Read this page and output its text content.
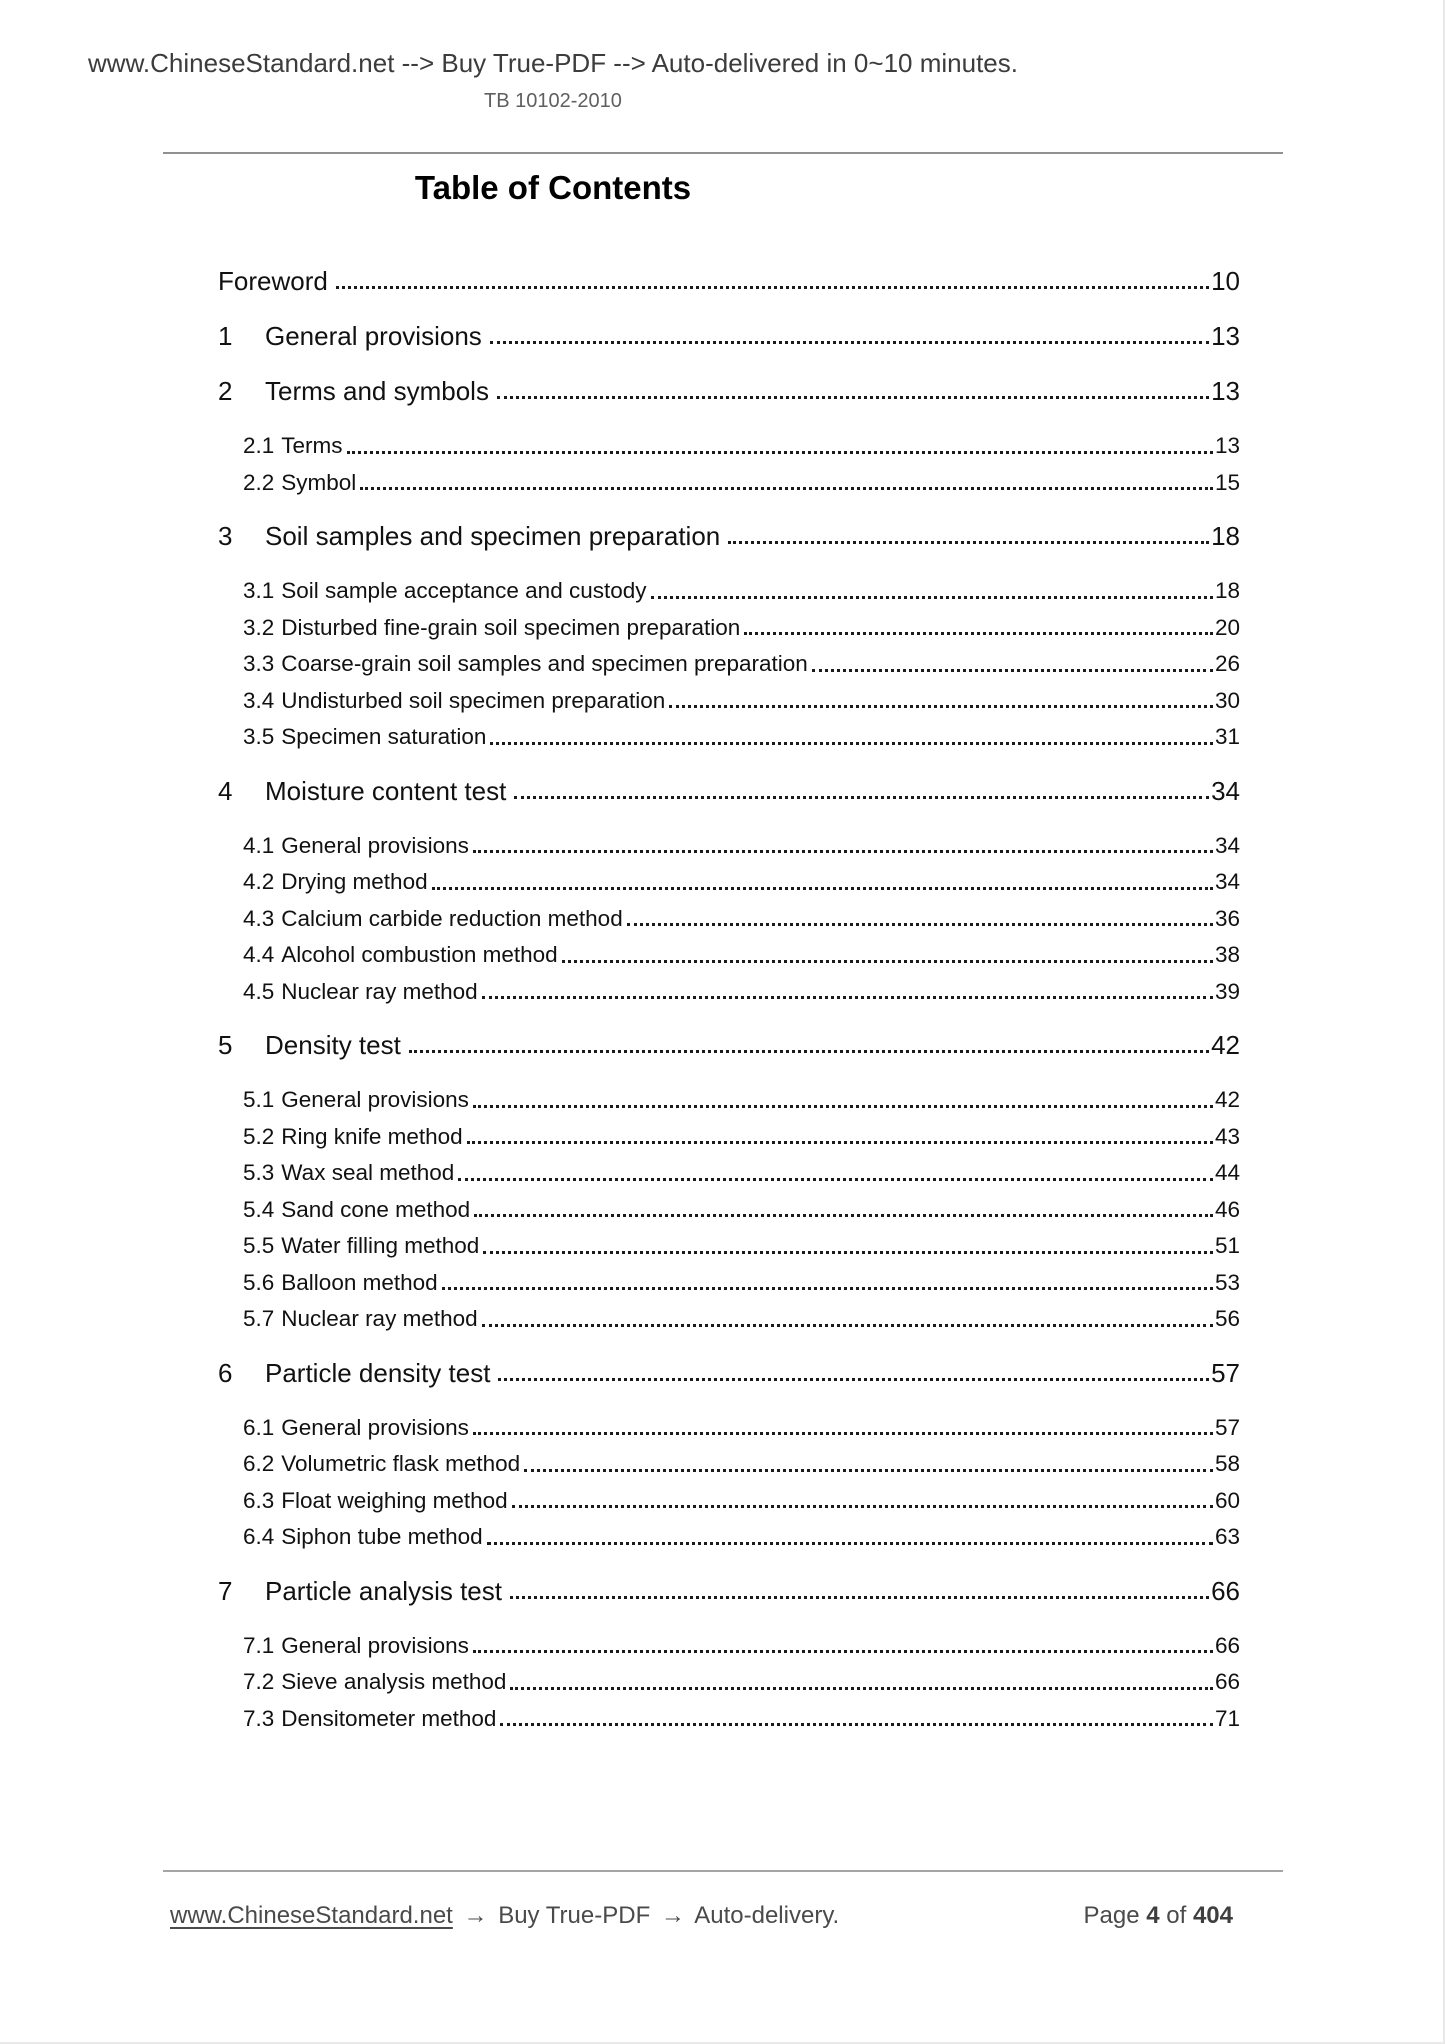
www.ChineseStandard.net --> Buy True-PDF --> Auto-delivered in 0~10 minutes.
TB 10102-2010
Table of Contents
Foreword	10
1	General provisions	13
2	Terms and symbols	13
2.1 Terms	13
2.2 Symbol	15
3	Soil samples and specimen preparation	18
3.1 Soil sample acceptance and custody	18
3.2 Disturbed fine-grain soil specimen preparation	20
3.3 Coarse-grain soil samples and specimen preparation	26
3.4 Undisturbed soil specimen preparation	30
3.5 Specimen saturation	31
4	Moisture content test	34
4.1 General provisions	34
4.2 Drying method	34
4.3 Calcium carbide reduction method	36
4.4 Alcohol combustion method	38
4.5 Nuclear ray method	39
5	Density test	42
5.1 General provisions	42
5.2 Ring knife method	43
5.3 Wax seal method	44
5.4 Sand cone method	46
5.5 Water filling method	51
5.6 Balloon method	53
5.7 Nuclear ray method	56
6	Particle density test	57
6.1 General provisions	57
6.2 Volumetric flask method	58
6.3 Float weighing method	60
6.4 Siphon tube method	63
7	Particle analysis test	66
7.1 General provisions	66
7.2 Sieve analysis method	66
7.3 Densitometer method	71
www.ChineseStandard.net → Buy True-PDF → Auto-delivery.	Page 4 of 404
